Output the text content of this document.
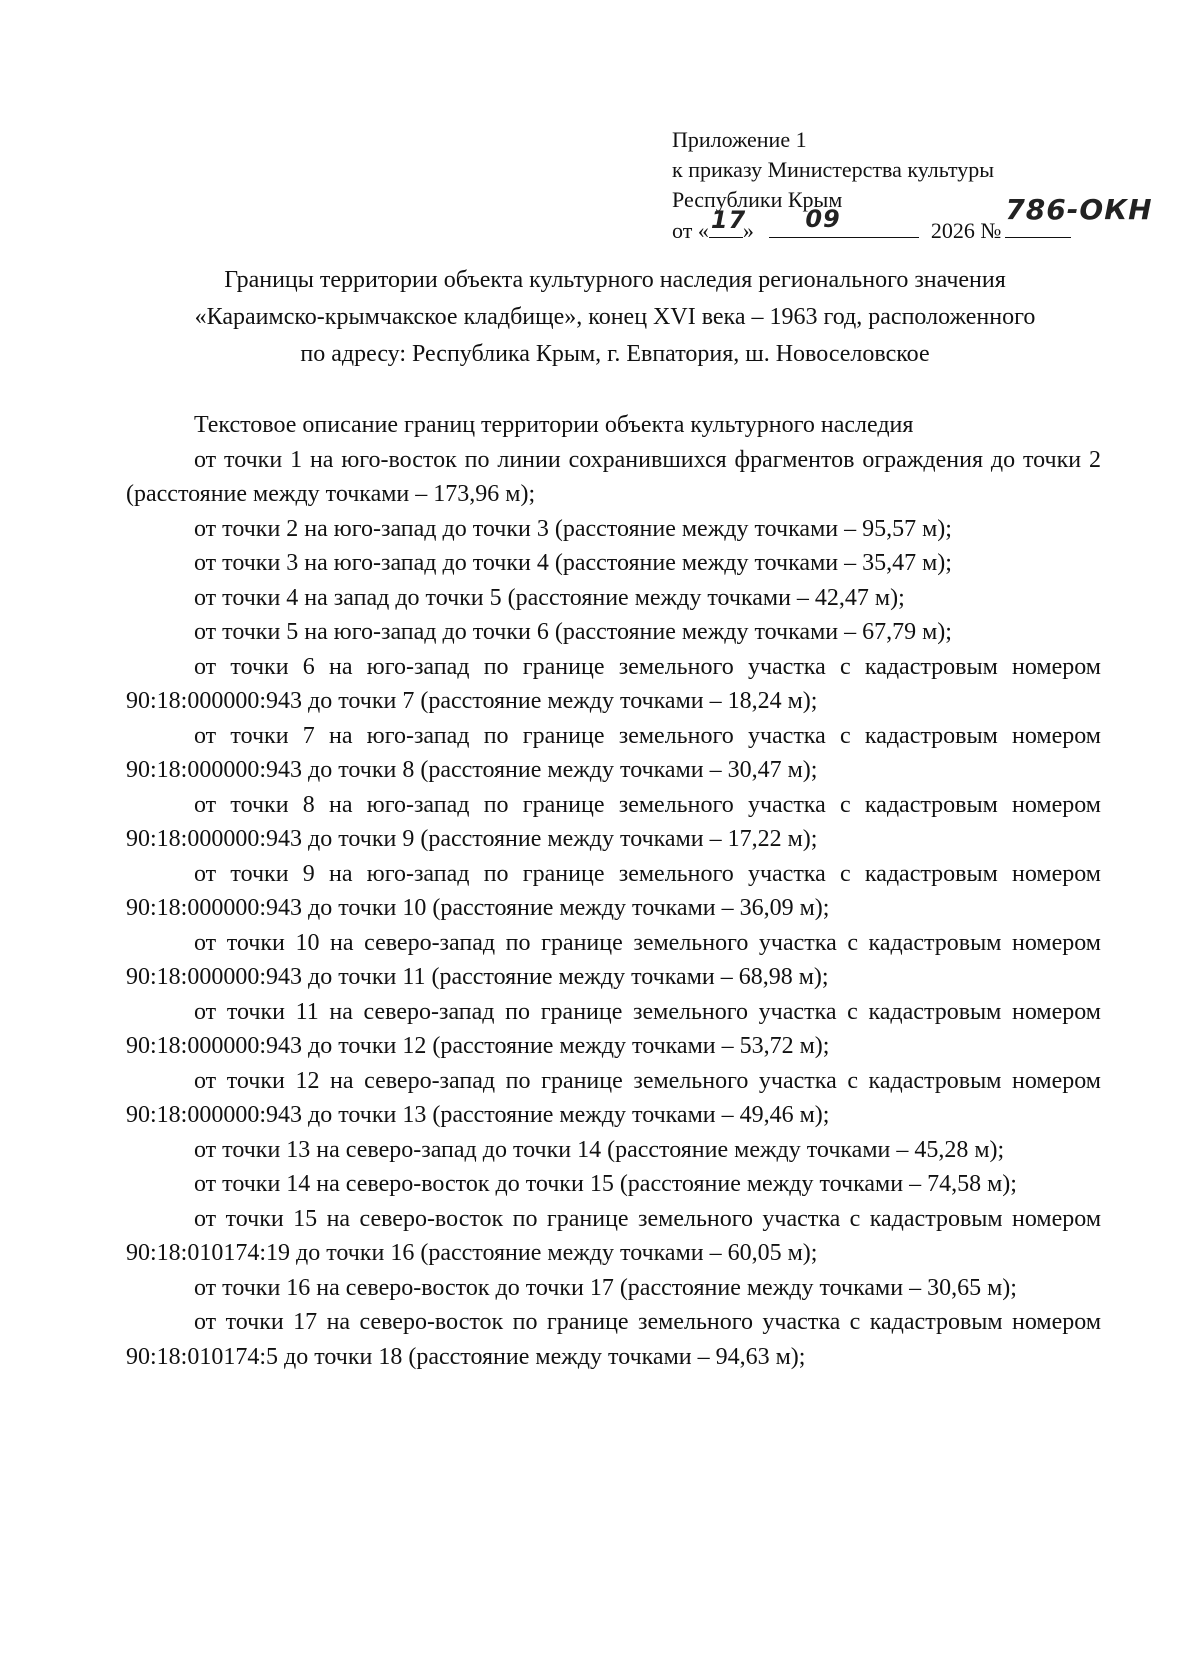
Приложение 1
к приказу Министерства культуры
Республики Крым
от « 17
» 09	2026 №
786-ОКН
Границы территории объекта культурного наследия регионального значения
«Караимско-крымчакское кладбище», конец XVI века – 1963 год, расположенного
по адресу: Республика Крым, г. Евпатория, ш. Новоселовское
Текстовое описание границ территории объекта культурного наследия

от точки 1 на юго-восток по линии сохранившихся фрагментов ограждения до точки 2 (расстояние между точками – 173,96 м);

от точки 2 на юго-запад до точки 3 (расстояние между точками – 95,57 м);

от точки 3 на юго-запад до точки 4 (расстояние между точками – 35,47 м);

от точки 4 на запад до точки 5 (расстояние между точками – 42,47 м);

от точки 5 на юго-запад до точки 6 (расстояние между точками – 67,79 м);

от точки 6 на юго-запад по границе земельного участка с кадастровым номером 90:18:000000:943 до точки 7 (расстояние между точками – 18,24 м);

от точки 7 на юго-запад по границе земельного участка с кадастровым номером 90:18:000000:943 до точки 8 (расстояние между точками – 30,47 м);

от точки 8 на юго-запад по границе земельного участка с кадастровым номером 90:18:000000:943 до точки 9 (расстояние между точками – 17,22 м);

от точки 9 на юго-запад по границе земельного участка с кадастровым номером 90:18:000000:943 до точки 10 (расстояние между точками – 36,09 м);

от точки 10 на северо-запад по границе земельного участка с кадастровым номером 90:18:000000:943 до точки 11 (расстояние между точками – 68,98 м);

от точки 11 на северо-запад по границе земельного участка с кадастровым номером 90:18:000000:943 до точки 12 (расстояние между точками – 53,72 м);

от точки 12 на северо-запад по границе земельного участка с кадастровым номером 90:18:000000:943 до точки 13 (расстояние между точками – 49,46 м);

от точки 13 на северо-запад до точки 14 (расстояние между точками – 45,28 м);

от точки 14 на северо-восток до точки 15 (расстояние между точками – 74,58 м);

от точки 15 на северо-восток по границе земельного участка с кадастровым номером 90:18:010174:19 до точки 16 (расстояние между точками – 60,05 м);

от точки 16 на северо-восток до точки 17 (расстояние между точками – 30,65 м);

от точки 17 на северо-восток по границе земельного участка с кадастровым номером 90:18:010174:5 до точки 18 (расстояние между точками – 94,63 м);
